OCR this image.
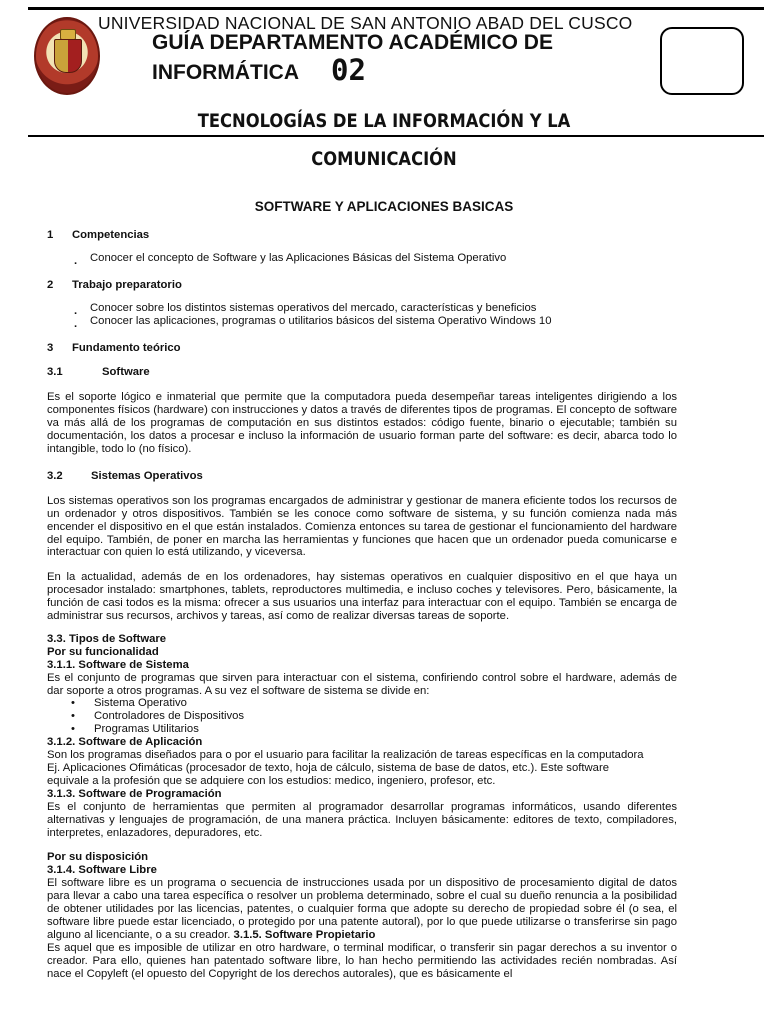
UNIVERSIDAD NACIONAL DE SAN ANTONIO ABAD DEL CUSCO
GUÍA DEPARTAMENTO ACADÉMICO DE
INFORMÁTICA 02
TECNOLOGÍAS DE LA INFORMACIÓN Y LA
COMUNICACIÓN
SOFTWARE Y APLICACIONES BASICAS
1	Competencias
. Conocer el concepto de Software y las Aplicaciones Básicas del Sistema Operativo
2	Trabajo preparatorio
. Conocer sobre los distintos sistemas operativos del mercado, características y beneficios
. Conocer las aplicaciones, programas o utilitarios básicos del sistema Operativo Windows 10
3	Fundamento teórico
3.1	Software

Es el soporte lógico e inmaterial que permite que la computadora pueda desempeñar tareas inteligentes dirigiendo a los componentes físicos (hardware) con instrucciones y datos a través de diferentes tipos de programas. El concepto de software va más allá de los programas de computación en sus distintos estados: código fuente, binario o ejecutable; también su documentación, los datos a procesar e incluso la información de usuario forman parte del software: es decir, abarca todo lo intangible, todo lo (no físico).

3.2	Sistemas Operativos

Los sistemas operativos son los programas encargados de administrar y gestionar de manera eficiente todos los recursos de un ordenador y otros dispositivos. También se les conoce como software de sistema, y su función comienza nada más encender el dispositivo en el que están instalados. Comienza entonces su tarea de gestionar el funcionamiento del hardware del equipo. También, de poner en marcha las herramientas y funciones que hacen que un ordenador pueda comunicarse e interactuar con quien lo está utilizando, y viceversa.

En la actualidad, además de en los ordenadores, hay sistemas operativos en cualquier dispositivo en el que haya un procesador instalado: smartphones, tablets, reproductores multimedia, e incluso coches y televisores. Pero, básicamente, la función de casi todos es la misma: ofrecer a sus usuarios una interfaz para interactuar con el equipo. También se encarga de administrar sus recursos, archivos y tareas, así como de realizar diversas tareas de soporte.

3.3. Tipos de Software
Por su funcionalidad
3.1.1. Software de Sistema

Es el conjunto de programas que sirven para interactuar con el sistema, confiriendo control sobre el hardware, además de dar soporte a otros programas. A su vez el software de sistema se divide en:

• Sistema Operativo
• Controladores de Dispositivos
• Programas Utilitarios
3.1.2. Software de Aplicación
Son los programas diseñados para o por el usuario para facilitar la realización de tareas específicas en la computadora
Ej. Aplicaciones Ofimáticas (procesador de texto, hoja de cálculo, sistema de base de datos, etc.). Este software
equivale a la profesión que se adquiere con los estudios: medico, ingeniero, profesor, etc.
3.1.3. Software de Programación

Es el conjunto de herramientas que permiten al programador desarrollar programas informáticos, usando diferentes alternativas y lenguajes de programación, de una manera práctica. Incluyen básicamente: editores de texto, compiladores, interpretes, enlazadores, depuradores, etc.

Por su disposición
3.1.4. Software Libre

El software libre es un programa o secuencia de instrucciones usada por un dispositivo de procesamiento digital de datos para llevar a cabo una tarea específica o resolver un problema determinado, sobre el cual su dueño renuncia a la posibilidad de obtener utilidades por las licencias, patentes, o cualquier forma que adopte su derecho de propiedad sobre él (o sea, el software libre puede estar licenciado, o protegido por una patente autoral), por lo que puede utilizarse o transferirse sin pago alguno al licenciante, o a su creador. 3.1.5. Software Propietario

Es aquel que es imposible de utilizar en otro hardware, o terminal modificar, o transferir sin pagar derechos a su inventor o creador. Para ello, quienes han patentado software libre, lo han hecho permitiendo las actividades recién nombradas. Así nace el Copyleft (el opuesto del Copyright de los derechos autorales), que es básicamente el
